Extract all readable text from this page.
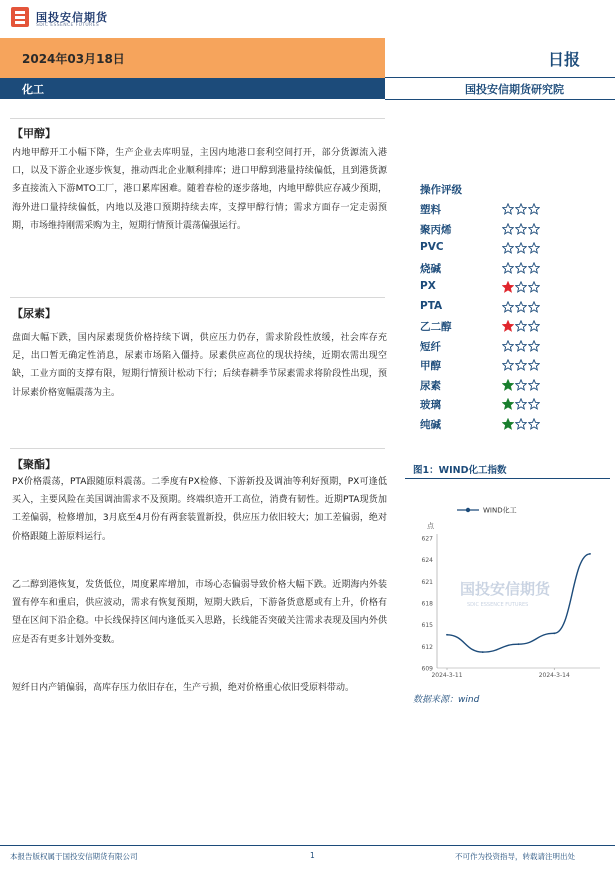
国投安信期货
SDIC ESSENCE FUTURES
2024年03月18日
化工
日报
国投安信期货研究院
【甲醇】
内地甲醇开工小幅下降，生产企业去库明显，主因内地港口套利空间打开，部分货源流入港口，以及下游企业逐步恢复，推动西北企业顺利排库；进口甲醇到港量持续偏低，且到港货源多直接流入下游MTO工厂，港口累库困难。随着春检的逐步落地，内地甲醇供应存减少预期，海外进口量持续偏低，内地以及港口预期持续去库，支撑甲醇行情；需求方面存一定走弱预期，市场维持刚需采购为主，短期行情预计震荡偏强运行。
【尿素】
盘面大幅下跌，国内尿素现货价格持续下调，供应压力仍存，需求阶段性放缓，社会库存充足，出口暂无确定性消息，尿素市场陷入僵持。尿素供应高位的现状持续，近期农需出现空缺，工业方面的支撑有限，短期行情预计松动下行；后续春耕季节尿素需求将阶段性出现，预计尿素价格宽幅震荡为主。
【聚酯】
PX价格震荡，PTA跟随原料震荡。二季度有PX检修、下游新投及调油等利好预期，PX可逢低买入，主要风险在美国调油需求不及预期。终端织造开工高位，消费有韧性。近期PTA现货加工差偏弱，检修增加，3月底至4月份有两套装置新投，供应压力依旧较大；加工差偏弱，绝对价格跟随上游原料运行。
乙二醇到港恢复，发货低位，周度累库增加，市场心态偏弱导致价格大幅下跌。近期海内外装置有停车和重启，供应波动，需求有恢复预期，短期大跌后，下游备货意愿或有上升，价格有望在区间下沿企稳。中长线保持区间内逢低买入思路，长线能否突破关注需求表现及国内外供应是否有更多计划外变数。
短纤日内产销偏弱，高库存压力依旧存在，生产亏损，绝对价格重心依旧受原料带动。
操作评级
塑料
聚丙烯
PVC
烧碱
PX
PTA
乙二醇
短纤
甲醇
尿素
玻璃
纯碱
图1：WIND化工指数
国投安信期货
SDIC ESSENCE FUTURES
点
609
612
615
618
621
624
627
2024-3-11	2024-3-14
WIND化工
数据来源：wind
本报告版权属于国投安信期货有限公司	1	不可作为投资指导，转载请注明出处
